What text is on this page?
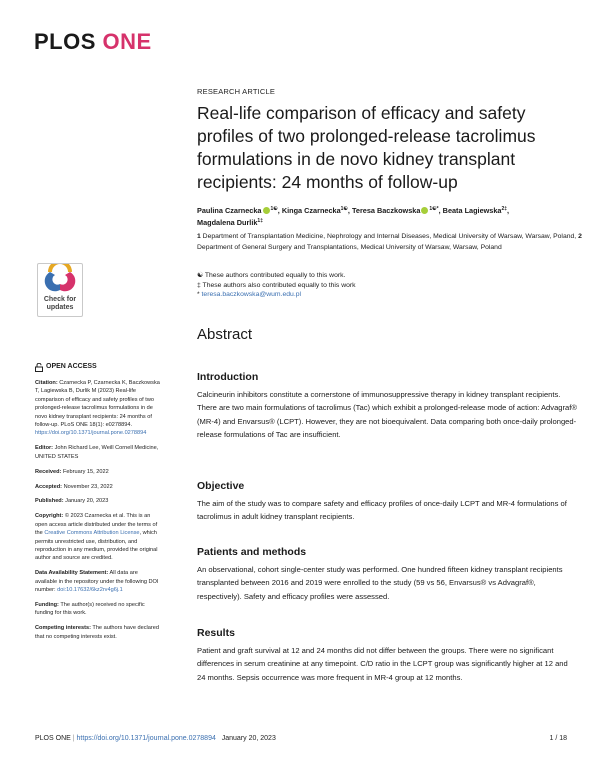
PLOS ONE
RESEARCH ARTICLE
Real-life comparison of efficacy and safety profiles of two prolonged-release tacrolimus formulations in de novo kidney transplant recipients: 24 months of follow-up
Paulina Czarnecka $^{1☯}$, Kinga Czarnecka$^{1☯}$, Teresa Baczkowska $^{1☯*}$, Beata Lagiewska$^{2\ddagger}$,
Magdalena Durlik$^{1\ddagger}$
1 Department of Transplantation Medicine, Nephrology and Internal Diseases, Medical University of Warsaw, Warsaw, Poland, 2 Department of General Surgery and Transplantations, Medical University of Warsaw, Warsaw, Poland
☯ These authors contributed equally to this work.
‡ These authors also contributed equally to this work
* teresa.baczkowska@wum.edu.pl
Check for
updates
OPEN ACCESS
Citation: Czarnecka P, Czarnecka K, Baczkowska T, Lagiewska B, Durlik M (2023) Real-life comparison of efficacy and safety profiles of two prolonged-release tacrolimus formulations in de novo kidney transplant recipients: 24 months of follow-up. PLoS ONE 18(1): e0278894. https://doi.org/10.1371/journal.pone.0278894
Editor: John Richard Lee, Weill Cornell Medicine, UNITED STATES
Received: February 15, 2022
Accepted: November 23, 2022
Published: January 20, 2023
Copyright: © 2023 Czarnecka et al. This is an open access article distributed under the terms of the Creative Commons Attribution License, which permits unrestricted use, distribution, and reproduction in any medium, provided the original author and source are credited.
Data Availability Statement: All data are available in the repository under the following DOI number: doi:10.17632/6kz2rv4g6j.1
Funding: The author(s) received no specific funding for this work.
Competing interests: The authors have declared that no competing interests exist.
Abstract
Introduction

Calcineurin inhibitors constitute a cornerstone of immunosuppressive therapy in kidney transplant recipients. There are two main formulations of tacrolimus (Tac) which exhibit a prolonged-release mode of action: Advagraf® (MR-4) and Envarsus® (LCPT). However, they are not bioequivalent. Data comparing both once-daily prolonged-release formulations of Tac are insufficient.

Objective

The aim of the study was to compare safety and efficacy profiles of once-daily LCPT and MR-4 formulations of tacrolimus in adult kidney transplant recipients.

Patients and methods

An observational, cohort single-center study was performed. One hundred fifteen kidney transplant recipients transplanted between 2016 and 2019 were enrolled to the study (59 vs 56, Envarsus® vs Advagraf®, respectively). Safety and efficacy profiles were assessed.

Results

Patient and graft survival at 12 and 24 months did not differ between the groups. There were no significant differences in serum creatinine at any timepoint. C/D ratio in the LCPT group was significantly higher at 12 and 24 months. Sepsis occurrence was more frequent in MR-4 group at 12 months.

PLOS ONE | https://doi.org/10.1371/journal.pone.0278894 January 20, 2023	1 / 18
